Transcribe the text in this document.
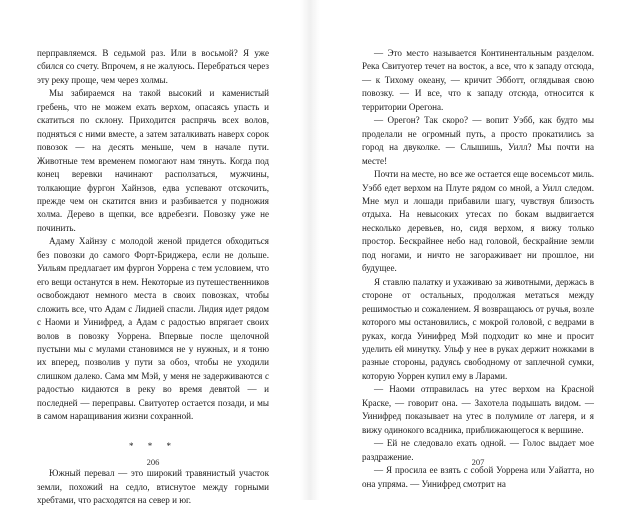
перправляемся. В седьмой раз. Или в восьмой? Я уже сбился со счету. Впрочем, я не жалуюсь. Перебраться через эту реку проще, чем через холмы.

Мы забираемся на такой высокий и каменистый гребень, что не можем ехать верхом, опасаясь упасть и скатиться по склону. Приходится распрячь всех волов, подняться с ними вместе, а затем заталкивать наверх сорок повозок — на десять меньше, чем в начале пути. Животные тем временем помогают нам тянуть. Когда под конец веревки начинают расползаться, мужчины, толкающие фургон Хайнзов, едва успевают отскочить, прежде чем он скатится вниз и разбивается у подножия холма. Дерево в щепки, все вдребезги. Повозку уже не починить.

Адаму Хайнзу с молодой женой придется обходиться без повозки до самого Форт-Бриджера, если не дольше. Уильям предлагает им фургон Уоррена с тем условием, что его вещи останутся в нем. Некоторые из путешественников освобождают немного места в своих повозках, чтобы сложить все, что Адам с Лидией спасли. Лидия идет рядом с Наоми и Уинифред, а Адам с радостью впрягает своих волов в повозку Уоррена. Впервые после щелочной пустыни мы с мулами становимся не у нужных, и я тоню их вперед, позволив у пути за обоз, чтобы не уходили слишком далеко. Сама мм Мэй, у меня не задерживаются с радостью кидаются в реку во время девятой — и последней — переправы. Свитуотер остается позади, и мы в самом наращивания жизни сохранной.

* * *

Южный перевал — это широкий травянистый участок земли, похожий на седло, втиснутое между горными хребтами, что расходятся на север и юг.

206

— Это место называется Континентальным разделом. Река Свитуотер течет на восток, а все, что к западу отсюда, — к Тихому океану, — кричит Эбботт, оглядывая свою повозку. — И все, что к западу отсюда, относится к территории Орегона.

— Орегон? Так скоро? — вопит Уэбб, как будто мы проделали не огромный путь, а просто прокатились за город на двуколке. — Слышишь, Уилл? Мы почти на месте!

Почти на месте, но все же остается еще восемьсот миль. Уэбб едет верхом на Плуте рядом со мной, а Уилл следом. Мне мул и лошади прибавили шагу, чувствуя близость отдыха. На невысоких утесах по бокам выдвигается несколько деревьев, но, сидя верхом, я вижу только простор. Бескрайнее небо над головой, бескрайние земли под ногами, и ничто не загораживает ни прошлое, ни будущее.

Я ставлю палатку и ухаживаю за животными, держась в стороне от остальных, продолжая метаться между решимостью и сожалением. Я возвращаюсь от ручья, возле которого мы остановились, с мокрой головой, с ведрами в руках, когда Уинифред Мэй подходит ко мне и просит уделить ей минутку. Ульф у нее в руках держит ножками в разные стороны, радуясь свободному от заплечной сумки, которую Уоррен купил ему в Ларами.

— Наоми отправилась на утес верхом на Красной Краске, — говорит она. — Захотела подышать видом. — Уинифред показывает на утес в полумиле от лагеря, и я вижу одинокого всадника, приближающегося к вершине.

— Ей не следовало ехать одной. — Голос выдает мое раздражение.

— Я просила ее взять с собой Уоррена или Уайатта, но она упряма. — Уинифред смотрит на

207
